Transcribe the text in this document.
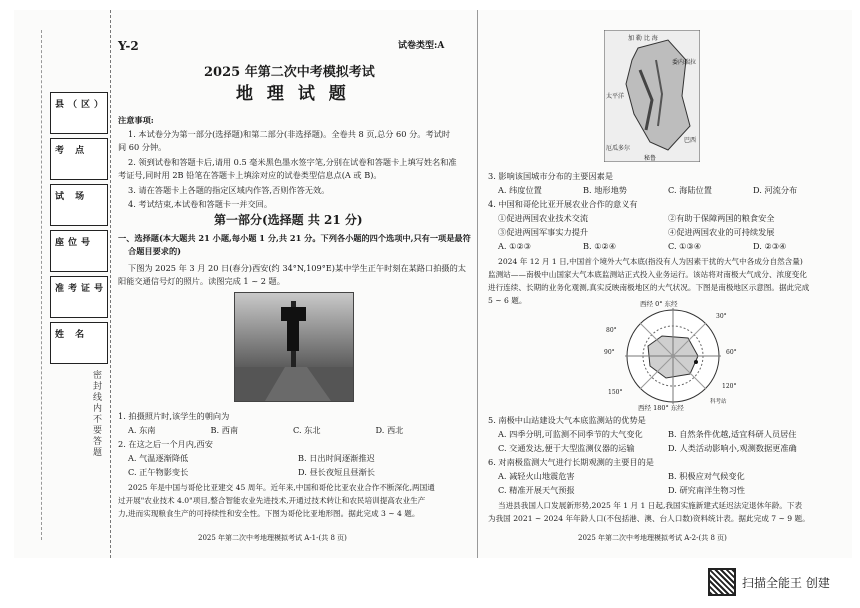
县（区）
考 点
试 场
座位号
准考证号
姓 名
密封线内不要答题
Y-2	试卷类型:A
2025 年第二次中考模拟考试
地 理 试 题
注意事项:
1. 本试卷分为第一部分(选择题)和第二部分(非选择题)。全卷共 8 页,总分 60 分。考试时
间 60 分钟。
2. 领到试卷和答题卡后,请用 0.5 毫米黑色墨水签字笔,分别在试卷和答题卡上填写姓名和准
考证号,同时用 2B 铅笔在答题卡上填涂对应的试卷类型信息点(A 或 B)。
3. 请在答题卡上各题的指定区域内作答,否则作答无效。
4. 考试结束,本试卷和答题卡一并交回。
第一部分(选择题 共 21 分)
一、选择题(本大题共 21 小题,每小题 1 分,共 21 分。下列各小题的四个选项中,只有一项是最符
合题目要求的)
下图为 2025 年 3 月 20 日(春分)西安(约 34°N,109°E)某中学生正午时刻在某路口拍摄的太
阳能交通信号灯的照片。读图完成 1 ~ 2 题。
1. 拍摄照片时,该学生的朝向为
A. 东南	B. 西南	C. 东北	D. 西北
2. 在这之后一个月内,西安
A. 气温逐渐降低	B. 日出时间逐渐推迟
C. 正午物影变长	D. 昼长夜短且昼渐长
2025 年是中国与哥伦比亚建交 45 周年。近年来,中国和哥伦比亚农业合作不断深化,两国通
过开展"农业技术 4.0"项目,整合智能农业先进技术,开通过技术转让和农民培训提高农业生产
力,进而实现粮食生产的可持续性和安全性。下图为哥伦比亚地形图。据此完成 3 ~ 4 题。
2025 年第二次中考地理模拟考试 A-1-(共 8 页)
加 勒 比 海
太平洋
厄瓜多尔
秘鲁
巴西
委内瑞拉
3. 影响该国城市分布的主要因素是
A. 纬度位置	B. 地形地势	C. 海陆位置	D. 河流分布
4. 中国和哥伦比亚开展农业合作的意义有
①促进两国农业技术交流	②有助于保障两国的粮食安全
③促进两国军事实力提升	④促进两国农业的可持续发展
A. ①②③	B. ①②④	C. ①③④	D. ②③④
2024 年 12 月 1 日,中国首个境外大气本底(指没有人为因素干扰的大气中各成分自然含量)
监测站——南极中山国家大气本底监测站正式投入业务运行。该站将对南极大气成分、浓度变化
进行连续、长期的业务化观测,真实反映南极地区的大气状况。下图是南极地区示意图。据此完成
5 ~ 6 题。	西经 0° 东经
西经 180° 东经
科考站
80°
90°
150°
30°
60°
120°
5. 南极中山站建设大气本底监测站的优势是
A. 四季分明,可监测不同季节的大气变化	B. 自然条件优越,适宜科研人员居住
C. 交通发达,便于大型监测仪器的运输	D. 人类活动影响小,观测数据更准确
6. 对南极监测大气进行长期观测的主要目的是
A. 减轻火山地震危害	B. 积极应对气候变化
C. 精准开展天气预报	D. 研究南洋生物习性
当进县我国人口发展新形势,2025 年 1 月 1 日起,我国实施新建式延迟法定退休年龄。下表
为我国 2021 ~ 2024 年年龄人口(不包括港、澳、台人口数)资料统计表。据此完成 7 ~ 9 题。
2025 年第二次中考地理模拟考试 A-2-(共 8 页)
扫描全能王 创建
